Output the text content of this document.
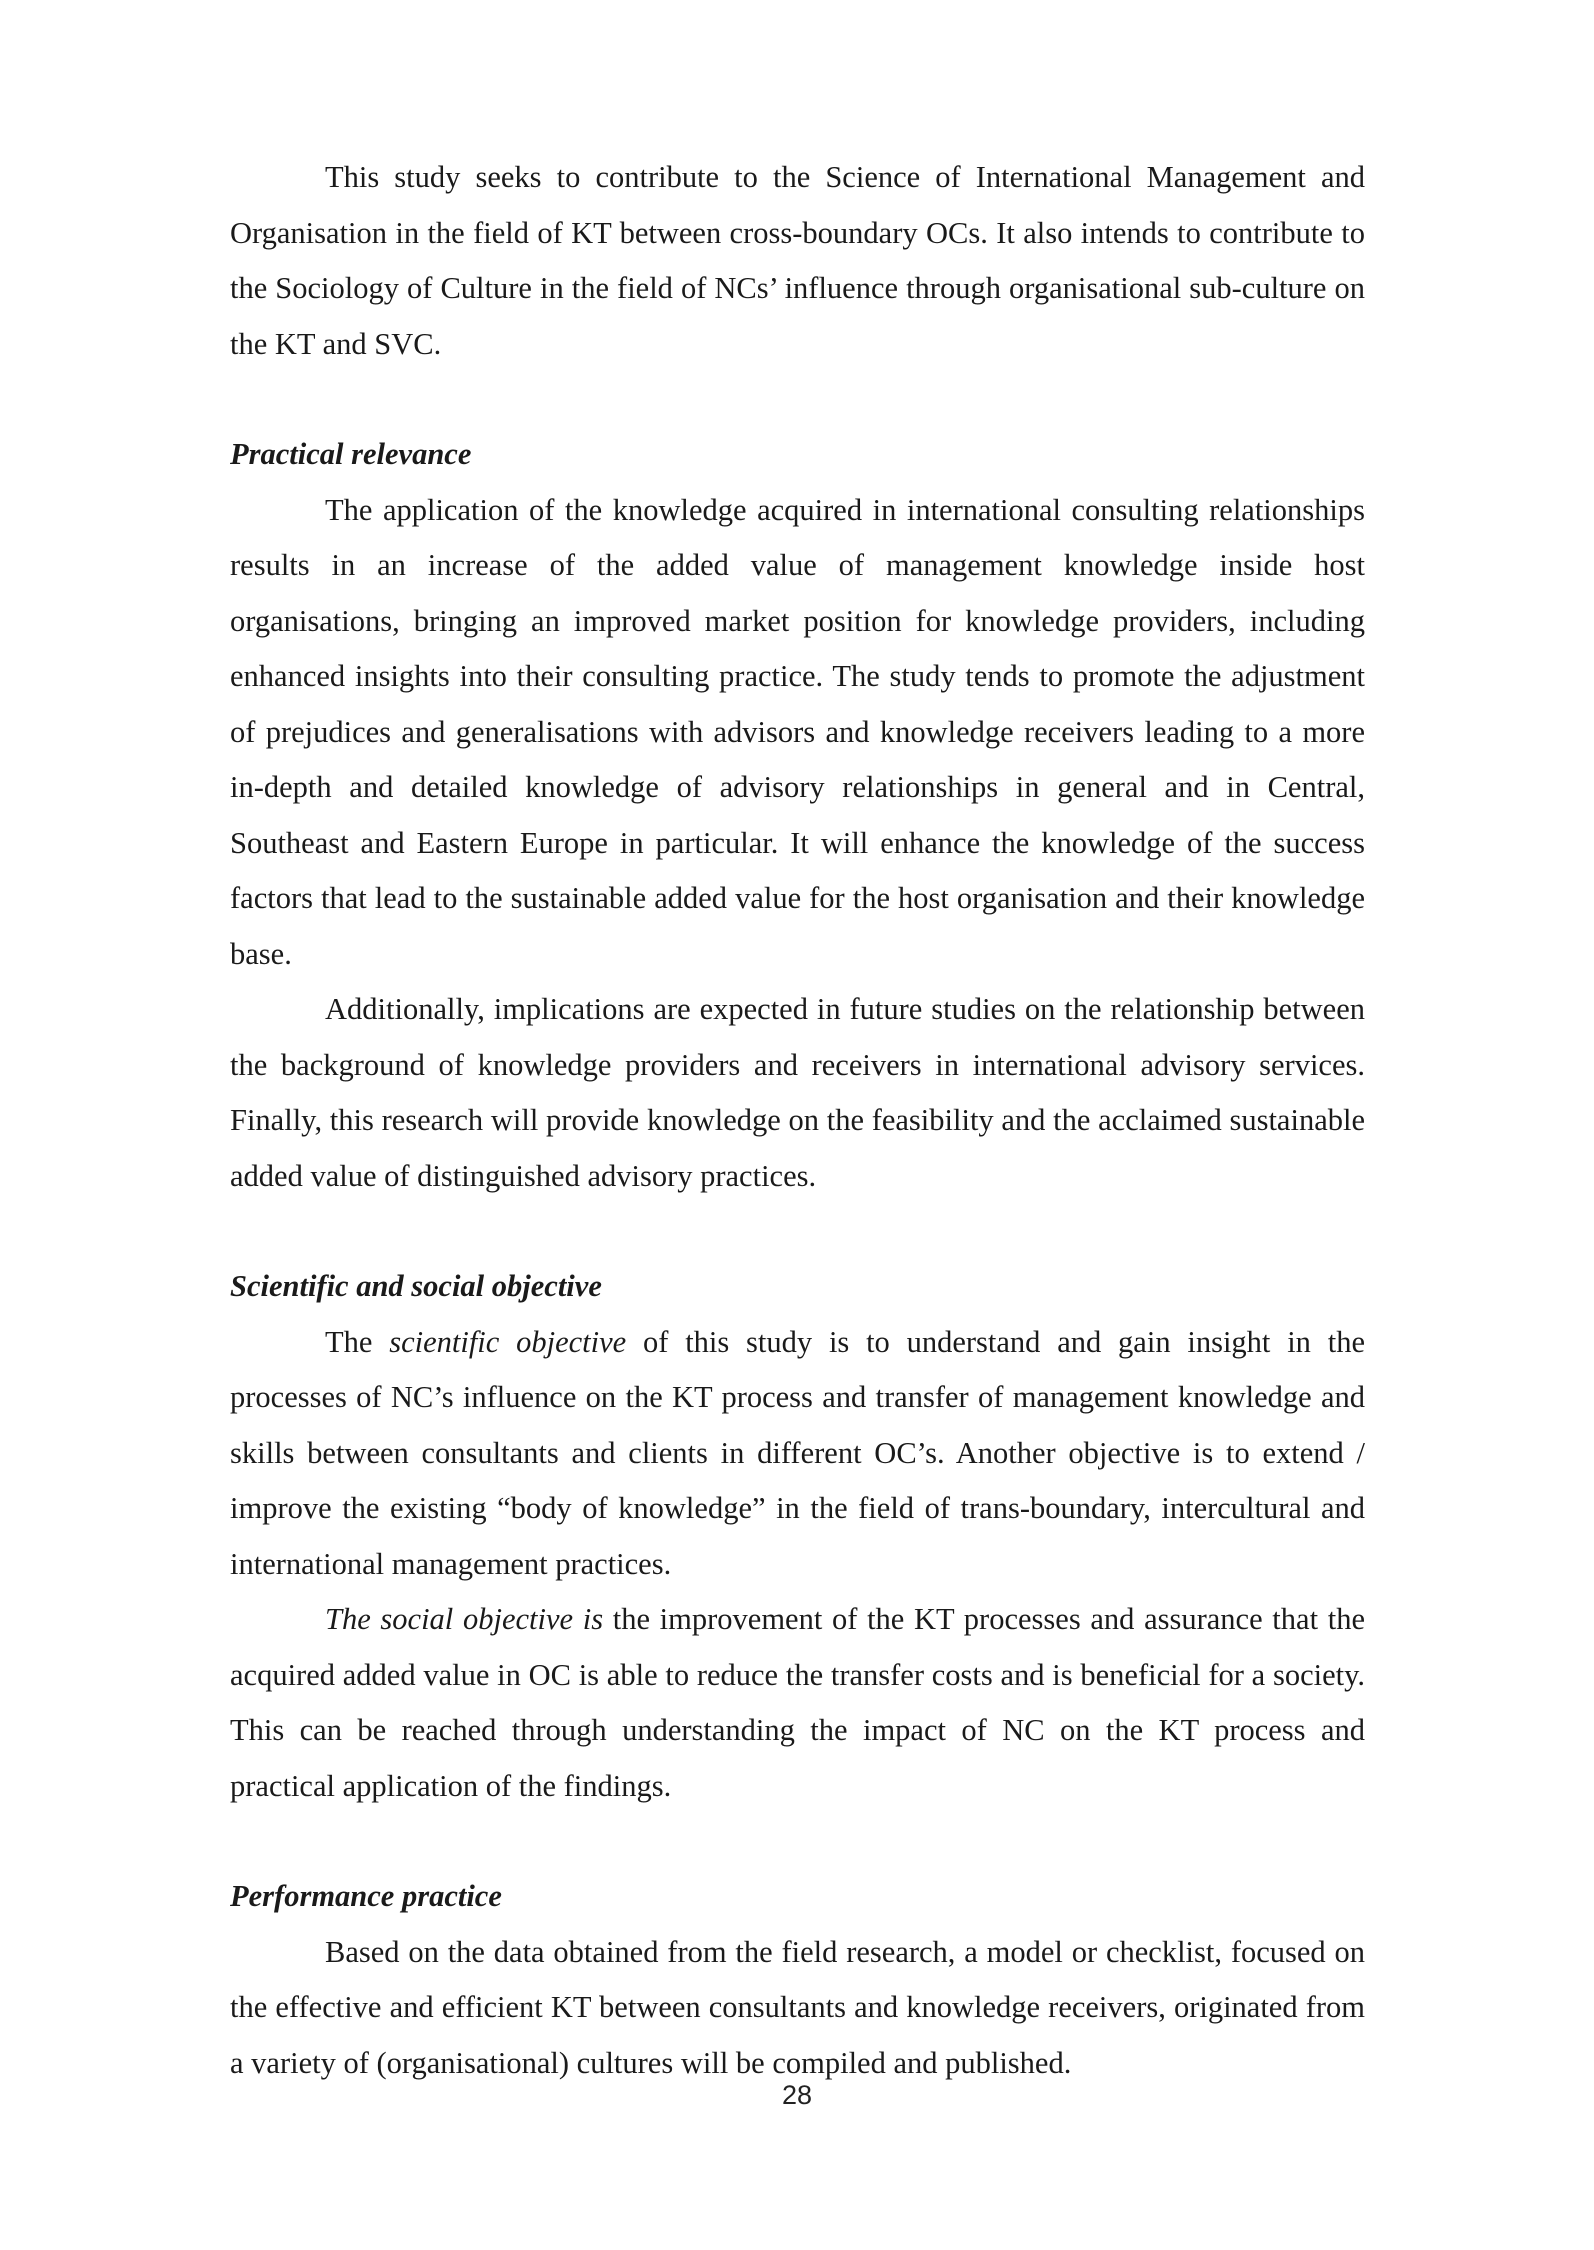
This study seeks to contribute to the Science of International Management and Organisation in the field of KT between cross-boundary OCs. It also intends to contribute to the Sociology of Culture in the field of NCs’ influence through organisational sub-culture on the KT and SVC.

Practical relevance

The application of the knowledge acquired in international consulting relationships results in an increase of the added value of management knowledge inside host organisations, bringing an improved market position for knowledge providers, including enhanced insights into their consulting practice. The study tends to promote the adjustment of prejudices and generalisations with advisors and knowledge receivers leading to a more in-depth and detailed knowledge of advisory relationships in general and in Central, Southeast and Eastern Europe in particular. It will enhance the knowledge of the success factors that lead to the sustainable added value for the host organisation and their knowledge base.

Additionally, implications are expected in future studies on the relationship between the background of knowledge providers and receivers in international advisory services. Finally, this research will provide knowledge on the feasibility and the acclaimed sustainable added value of distinguished advisory practices.

Scientific and social objective

The scientific objective of this study is to understand and gain insight in the processes of NC’s influence on the KT process and transfer of management knowledge and skills between consultants and clients in different OC’s. Another objective is to extend / improve the existing “body of knowledge” in the field of trans-boundary, intercultural and international management practices.

The social objective is the improvement of the KT processes and assurance that the acquired added value in OC is able to reduce the transfer costs and is beneficial for a society. This can be reached through understanding the impact of NC on the KT process and practical application of the findings.

Performance practice

Based on the data obtained from the field research, a model or checklist, focused on the effective and efficient KT between consultants and knowledge receivers, originated from a variety of (organisational) cultures will be compiled and published.

28
